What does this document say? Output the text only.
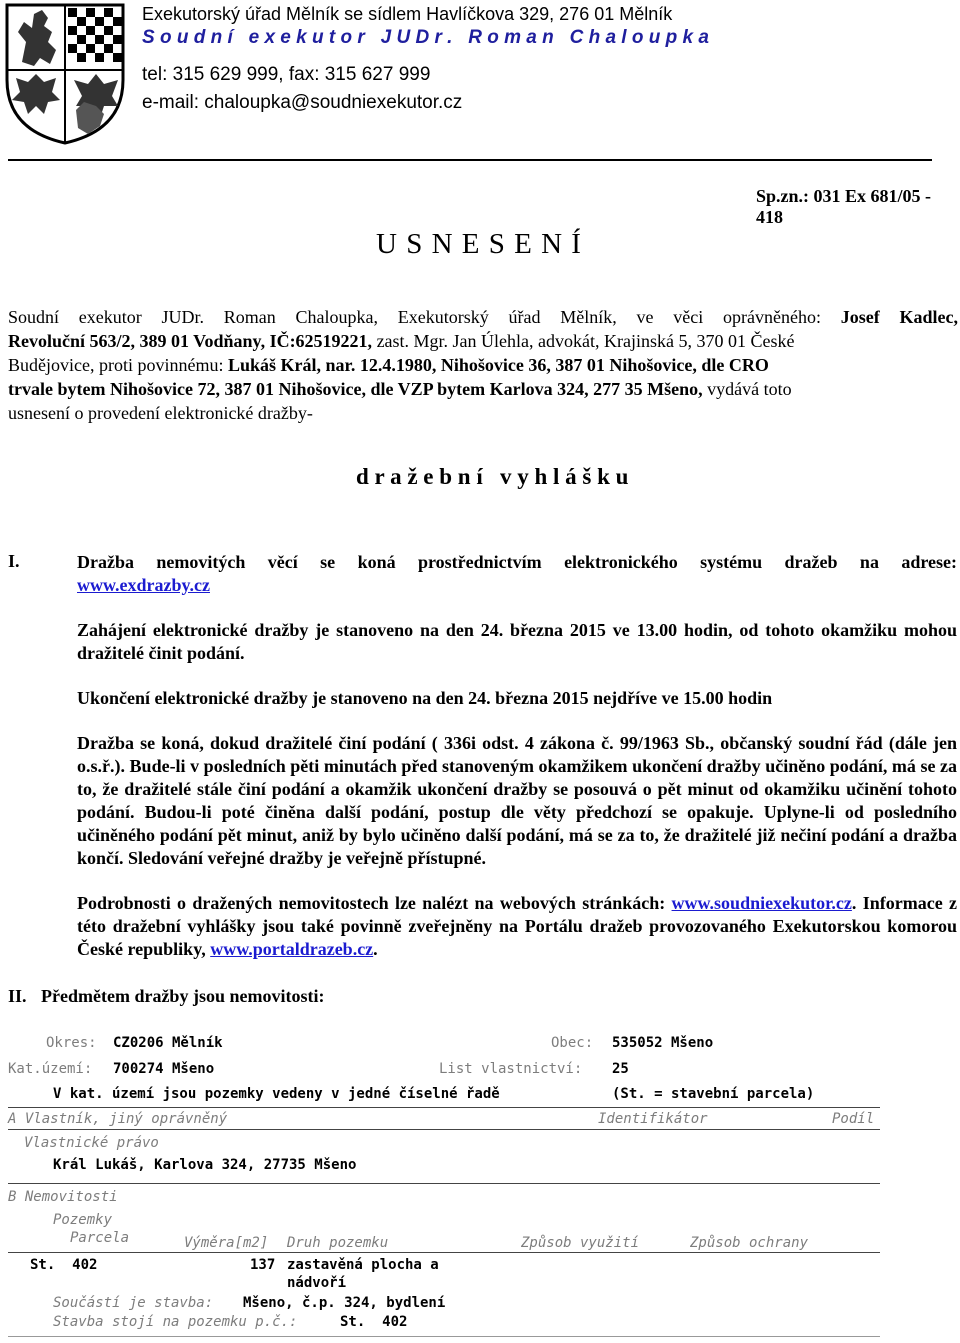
Exekutorský úřad Mělník se sídlem Havlíčkova 329, 276 01 Mělník
S o u d n í   e x e k u t o r   J U D r .   R o m a n   C h a l o u p k a
tel: 315 629 999, fax: 315 627 999
e-mail: chaloupka@soudniexekutor.cz
Sp.zn.: 031 Ex 681/05 - 418
U S N E S E N Í
Soudní exekutor JUDr. Roman Chaloupka, Exekutorský úřad Mělník, ve věci oprávněného: Josef Kadlec,
Revoluční 563/2, 389 01 Vodňany, IČ:62519221, zast. Mgr. Jan Úlehla, advokát, Krajinská 5, 370 01 České
Budějovice, proti povinnému: Lukáš Král, nar. 12.4.1980, Nihošovice 36, 387 01 Nihošovice, dle CRO
trvale bytem Nihošovice 72, 387 01 Nihošovice, dle VZP bytem Karlova 324, 277 35 Mšeno, vydává toto
usnesení o provedení elektronické dražby-
d r a ž e b n í   v y h l á š k u
I.	Dražba nemovitých věcí se koná prostřednictvím elektronického systému dražeb na adrese:

www.exdrazby.cz

Zahájení elektronické dražby je stanoveno na den 24. března 2015 ve 13.00 hodin, od tohoto okamžiku mohou dražitelé činit podání.

Ukončení elektronické dražby je stanoveno na den 24. března 2015 nejdříve ve 15.00 hodin

Dražba se koná, dokud dražitelé činí podání ( 336i odst. 4 zákona č. 99/1963 Sb., občanský soudní řád (dále jen o.s.ř.). Bude-li v posledních pěti minutách před stanoveným okamžikem ukončení dražby učiněno podání, má se za to, že dražitelé stále činí podání a okamžik ukončení dražby se posouvá o pět minut od okamžiku učinění tohoto podání. Budou-li poté činěna další podání, postup dle věty předchozí se opakuje. Uplyne-li od posledního učiněného podání pět minut, aniž by bylo učiněno další podání, má se za to, že dražitelé již nečiní podání a dražba končí. Sledování veřejné dražby je veřejně přístupné.

Podrobnosti o dražených nemovitostech lze nalézt na webových stránkách: www.soudniexekutor.cz. Informace z této dražební vyhlášky jsou také povinně zveřejněny na Portálu dražeb provozovaného Exekutorskou komorou České republiky, www.portaldrazeb.cz.

II. Předmětem dražby jsou nemovitosti:
Okres: CZ0206 Mělník	Obec: 535052 Mšeno
Kat.území: 700274 Mšeno	List vlastnictví: 25
V kat. území jsou pozemky vedeny v jedné číselné řadě	(St. = stavební parcela)
A Vlastník, jiný oprávněný	Identifikátor	Podíl
Vlastnické právo
Král Lukáš, Karlova 324, 27735 Mšeno
B Nemovitosti
Pozemky
Parcela	Výměra[m2] Druh pozemku	Způsob využití	Způsob ochrany
St.  402	137 zastavěná plocha a
nádvoří
Součástí je stavba: Mšeno, č.p. 324, bydlení
Stavba stojí na pozemku p.č.:	St.  402
